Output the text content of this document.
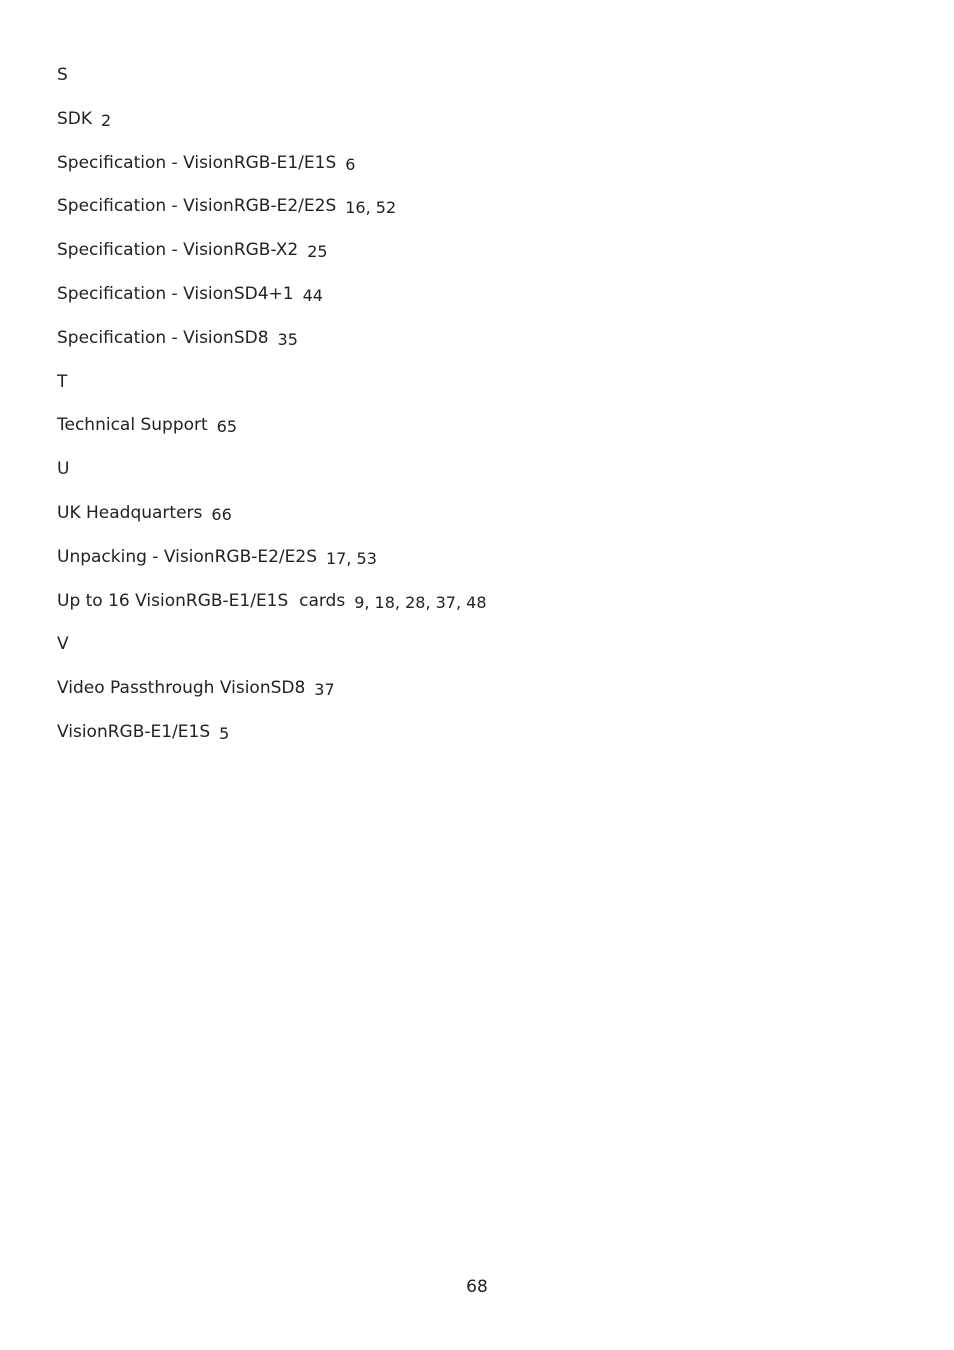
S
SDK 2
Specification - VisionRGB-E1/E1S 6
Specification - VisionRGB-E2/E2S 16, 52
Specification - VisionRGB-X2 25
Specification - VisionSD4+1 44
Specification - VisionSD8 35
T
Technical Support 65
U
UK Headquarters 66
Unpacking - VisionRGB-E2/E2S 17, 53
Up to 16 VisionRGB-E1/E1S  cards 9, 18, 28, 37, 48
V
Video Passthrough VisionSD8 37
VisionRGB-E1/E1S 5
68
